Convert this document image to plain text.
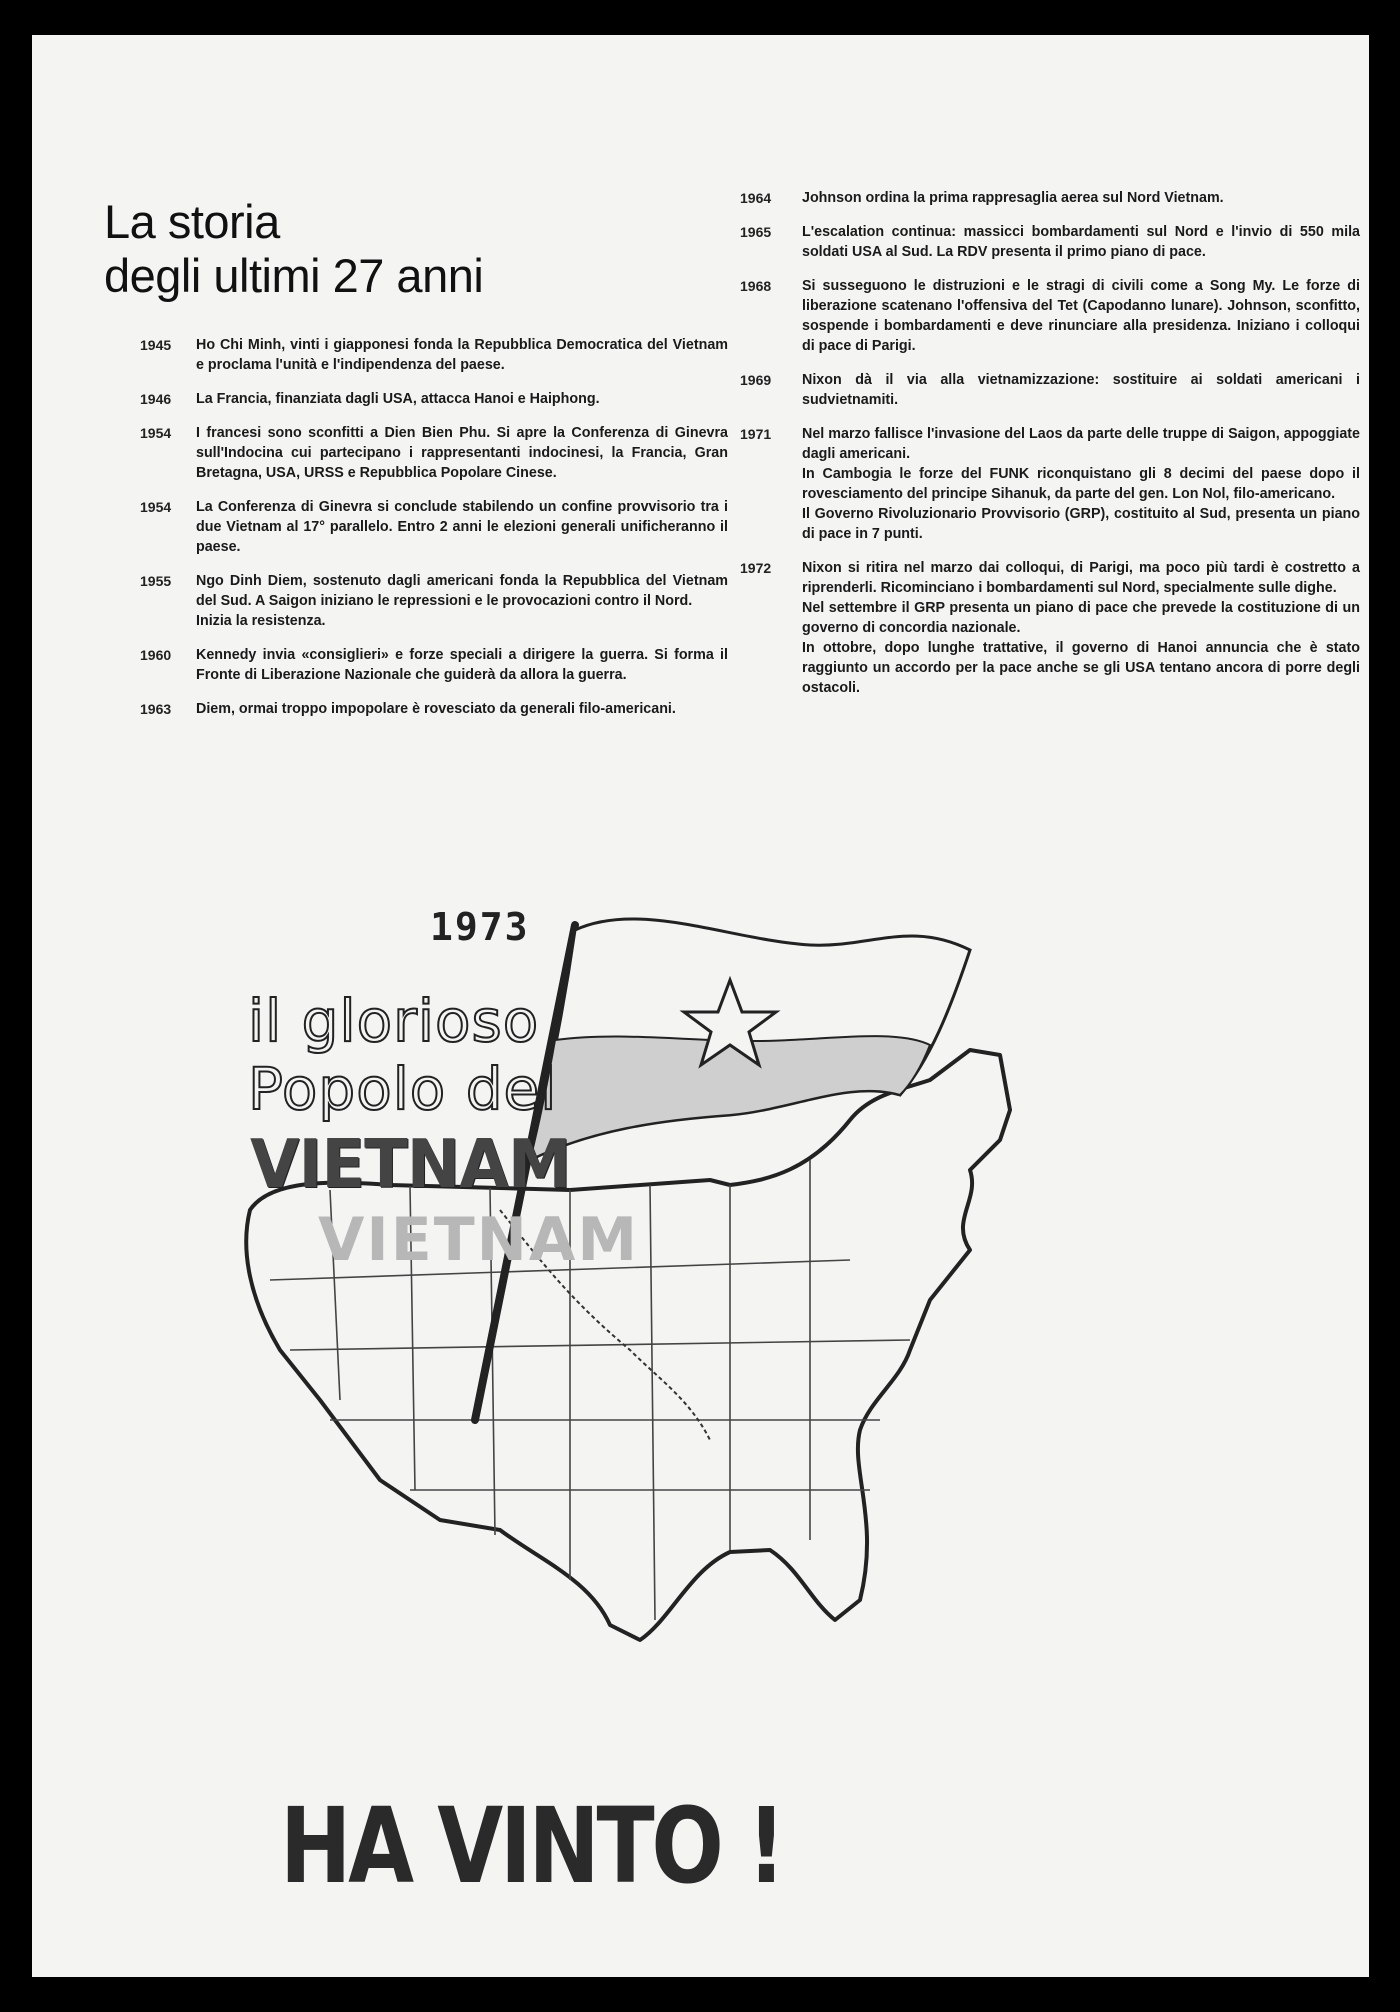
La storia
degli ultimi 27 anni
1945	Ho Chi Minh, vinti i giapponesi fonda la Repubblica Democratica del Vietnam e proclama l'unità e l'indipendenza del paese.
1946	La Francia, finanziata dagli USA, attacca Hanoi e Haiphong.
1954	I francesi sono sconfitti a Dien Bien Phu. Si apre la Conferenza di Ginevra sull'Indocina cui partecipano i rappresentanti indocinesi, la Francia, Gran Bretagna, USA, URSS e Repubblica Popolare Cinese.
1954	La Conferenza di Ginevra si conclude stabilendo un confine provvisorio tra i due Vietnam al 17° parallelo. Entro 2 anni le elezioni generali unificheranno il paese.
1955	Ngo Dinh Diem, sostenuto dagli americani fonda la Repubblica del Vietnam del Sud. A Saigon iniziano le repressioni e le provocazioni contro il Nord.
Inizia la resistenza.
1960	Kennedy invia «consiglieri» e forze speciali a dirigere la guerra. Si forma il Fronte di Liberazione Nazionale che guiderà da allora la guerra.
1963	Diem, ormai troppo impopolare è rovesciato da generali filo-americani.
1964	Johnson ordina la prima rappresaglia aerea sul Nord Vietnam.
1965	L'escalation continua: massicci bombardamenti sul Nord e l'invio di 550 mila soldati USA al Sud. La RDV presenta il primo piano di pace.
1968	Si susseguono le distruzioni e le stragi di civili come a Song My. Le forze di liberazione scatenano l'offensiva del Tet (Capodanno lunare). Johnson, sconfitto, sospende i bombardamenti e deve rinunciare alla presidenza. Iniziano i colloqui di pace di Parigi.
1969	Nixon dà il via alla vietnamizzazione: sostituire ai soldati americani i sudvietnamiti.
1971	Nel marzo fallisce l'invasione del Laos da parte delle truppe di Saigon, appoggiate dagli americani.
In Cambogia le forze del FUNK riconquistano gli 8 decimi del paese dopo il rovesciamento del principe Sihanuk, da parte del gen. Lon Nol, filo-americano.
Il Governo Rivoluzionario Provvisorio (GRP), costituito al Sud, presenta un piano di pace in 7 punti.
1972	Nixon si ritira nel marzo dai colloqui, di Parigi, ma poco più tardi è costretto a riprenderli. Ricominciano i bombardamenti sul Nord, specialmente sulle dighe.
Nel settembre il GRP presenta un piano di pace che prevede la costituzione di un governo di concordia nazionale.
In ottobre, dopo lunghe trattative, il governo di Hanoi annuncia che è stato raggiunto un accordo per la pace anche se gli USA tentano ancora di porre degli ostacoli.
1973
il glorioso
Popolo del
VIETNAM
VIETNAM
HA VINTO !
